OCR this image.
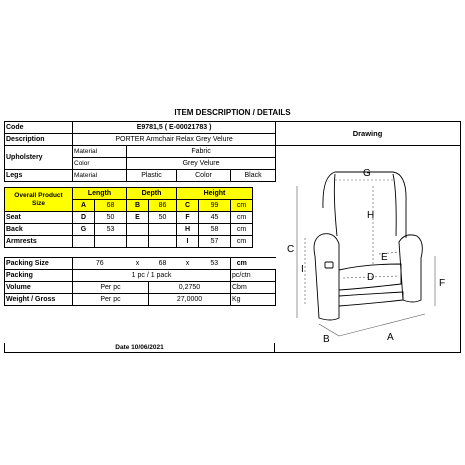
ITEM DESCRIPTION / DETAILS
Code	E9781,5 ( E-00021783 )							
Description	PORTER Armchair Relax Grey Velure							
Upholstery	Material		Fabric					
	Color		Grey Velure					
Legs	Material		Plastic		Color		Black	

Overall Product
Size	Length		Depth		Height			
	A	68	B	86	C	99	cm	
Seat	D	50	E	50	F	45	cm	
Back	G	53			H	58	cm	
Armrests					I	57	cm	

Packing Size	76		x	68	x	53	cm	
Packing	1 pc / 1 pack						pc/ctn	
Volume	Per pc			0,2750			Cbm	
Weight / Gross	Per pc			27,0000			Kg	
Drawing
G
H
C
I
E
D
F
B	A
Date 10/06/2021
